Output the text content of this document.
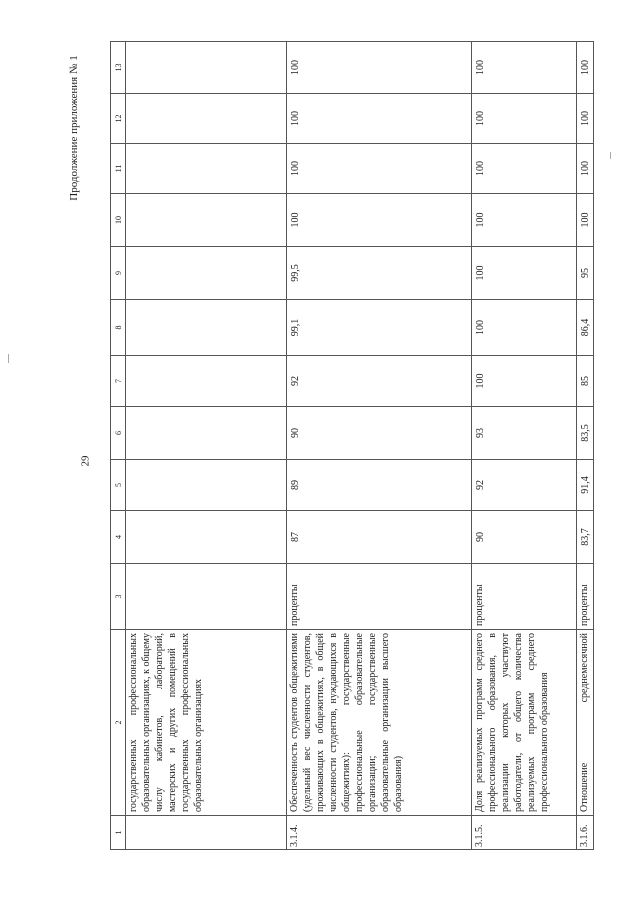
29
Продолжение приложения № 1
1	2	3	4	5	6	7	8	9	10	11	12	13
	государственных профессиональных образовательных организациях, к общему числу кабинетов, лабораторий, мастерских и других помещений в государственных профессиональных образовательных организациях											
3.1.4.	Обеспеченность студентов общежитиями (удельный вес численности студентов, проживающих в общежитиях, в общей численности студентов, нуждающихся в общежитиях): государственные профессиональные образовательные организации; государственные образовательные организации высшего образования)	проценты	87	89	90	92	99,1	99,5	100	100	100	100
3.1.5.	Доля реализуемых программ среднего профессионального образования, в реализации которых участвуют работодатели, от общего количества реализуемых программ среднего профессионального образования	проценты	90	92	93	100	100	100	100	100	100	100
3.1.6.	Отношение среднемесячной	проценты	83,7	91,4	83,5	85	86,4	95	100	100	100	100
